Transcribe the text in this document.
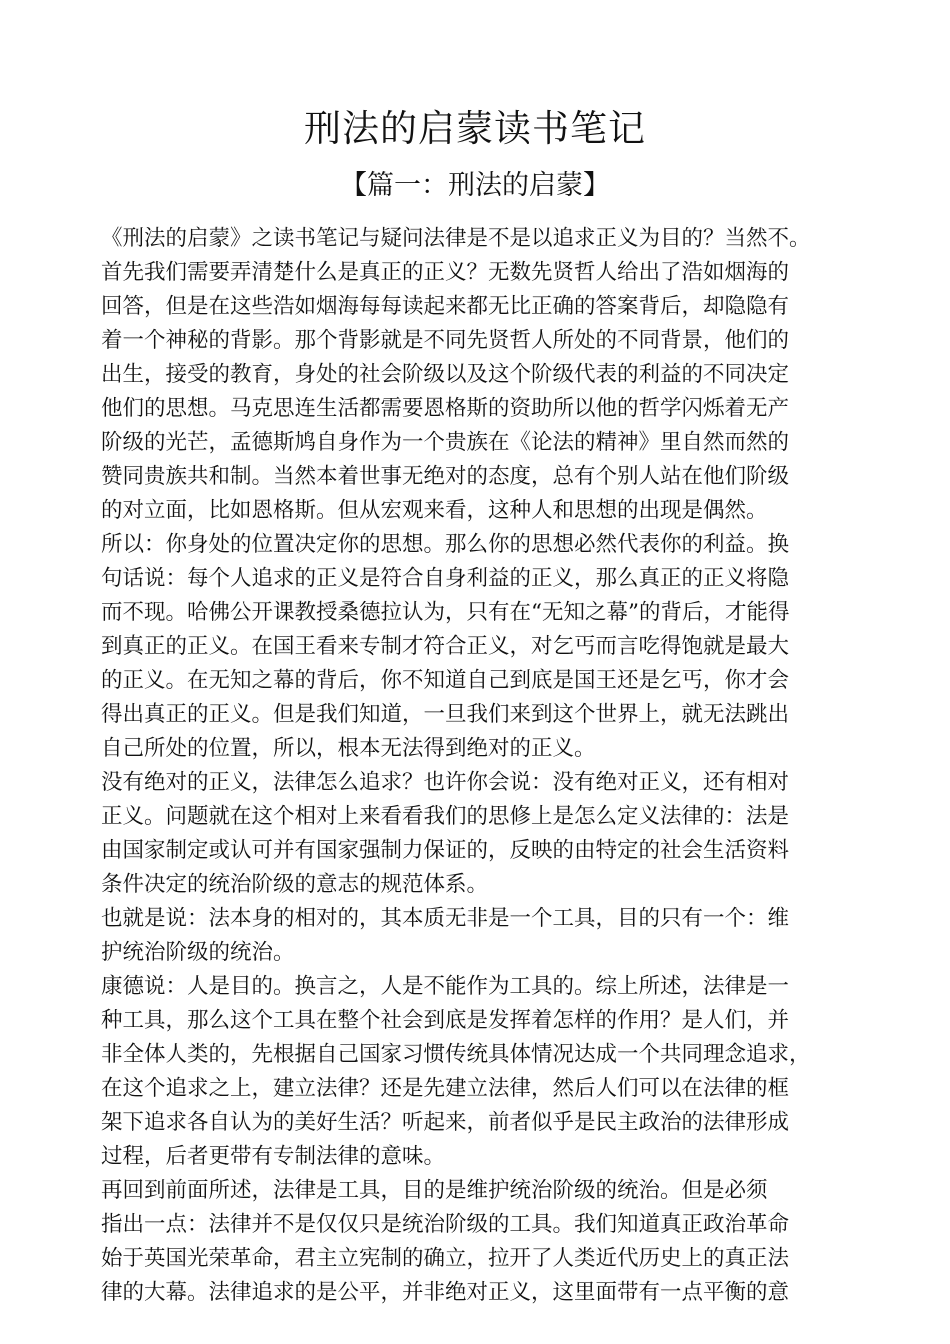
刑法的启蒙读书笔记
【篇一：刑法的启蒙】
《刑法的启蒙》之读书笔记与疑问法律是不是以追求正义为目的？当然不。
首先我们需要弄清楚什么是真正的正义？无数先贤哲人给出了浩如烟海的
回答，但是在这些浩如烟海每每读起来都无比正确的答案背后，却隐隐有
着一个神秘的背影。那个背影就是不同先贤哲人所处的不同背景，他们的
出生，接受的教育，身处的社会阶级以及这个阶级代表的利益的不同决定
他们的思想。马克思连生活都需要恩格斯的资助所以他的哲学闪烁着无产
阶级的光芒，孟德斯鸠自身作为一个贵族在《论法的精神》里自然而然的
赞同贵族共和制。当然本着世事无绝对的态度，总有个别人站在他们阶级
的对立面，比如恩格斯。但从宏观来看，这种人和思想的出现是偶然。
所以：你身处的位置决定你的思想。那么你的思想必然代表你的利益。换
句话说：每个人追求的正义是符合自身利益的正义，那么真正的正义将隐
而不现。哈佛公开课教授桑德拉认为，只有在“无知之幕”的背后，才能得
到真正的正义。在国王看来专制才符合正义，对乞丐而言吃得饱就是最大
的正义。在无知之幕的背后，你不知道自己到底是国王还是乞丐，你才会
得出真正的正义。但是我们知道，一旦我们来到这个世界上，就无法跳出
自己所处的位置，所以，根本无法得到绝对的正义。
没有绝对的正义，法律怎么追求？也许你会说：没有绝对正义，还有相对
正义。问题就在这个相对上来看看我们的思修上是怎么定义法律的：法是
由国家制定或认可并有国家强制力保证的，反映的由特定的社会生活资料
条件决定的统治阶级的意志的规范体系。
也就是说：法本身的相对的，其本质无非是一个工具，目的只有一个：维
护统治阶级的统治。
康德说：人是目的。换言之，人是不能作为工具的。综上所述，法律是一
种工具，那么这个工具在整个社会到底是发挥着怎样的作用？是人们，并
非全体人类的，先根据自己国家习惯传统具体情况达成一个共同理念追求，
在这个追求之上，建立法律？还是先建立法律，然后人们可以在法律的框
架下追求各自认为的美好生活？听起来，前者似乎是民主政治的法律形成
过程，后者更带有专制法律的意味。
再回到前面所述，法律是工具，目的是维护统治阶级的统治。但是必须
指出一点：法律并不是仅仅只是统治阶级的工具。我们知道真正政治革命
始于英国光荣革命，君主立宪制的确立，拉开了人类近代历史上的真正法
律的大幕。法律追求的是公平，并非绝对正义，这里面带有一点平衡的意
